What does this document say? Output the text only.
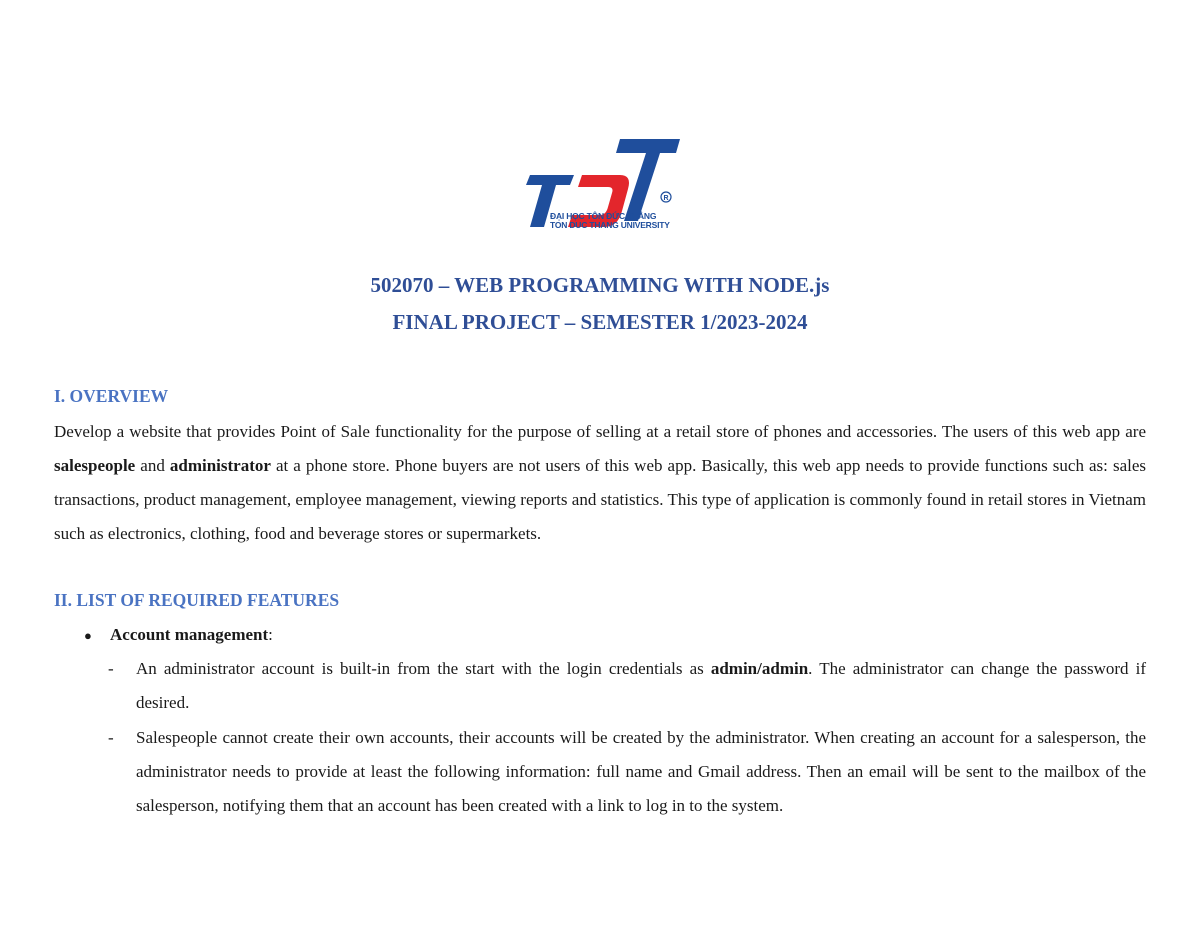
R
ĐẠI HỌC TÔN ĐỨC THẮNG
TON DUC THANG UNIVERSITY
502070 – WEB PROGRAMMING WITH NODE.js
FINAL PROJECT – SEMESTER 1/2023-2024
I. OVERVIEW
Develop a website that provides Point of Sale functionality for the purpose of selling at a retail store of phones and accessories. The users of this web app are salespeople and administrator at a phone store. Phone buyers are not users of this web app. Basically, this web app needs to provide functions such as: sales transactions, product management, employee management, viewing reports and statistics. This type of application is commonly found in retail stores in Vietnam such as electronics, clothing, food and beverage stores or supermarkets.
II. LIST OF REQUIRED FEATURES
● Account management:
-	An administrator account is built-in from the start with the login credentials as admin/admin. The administrator can change the password if desired.
-	Salespeople cannot create their own accounts, their accounts will be created by the administrator. When creating an account for a salesperson, the administrator needs to provide at least the following information: full name and Gmail address. Then an email will be sent to the mailbox of the salesperson, notifying them that an account has been created with a link to log in to the system.
